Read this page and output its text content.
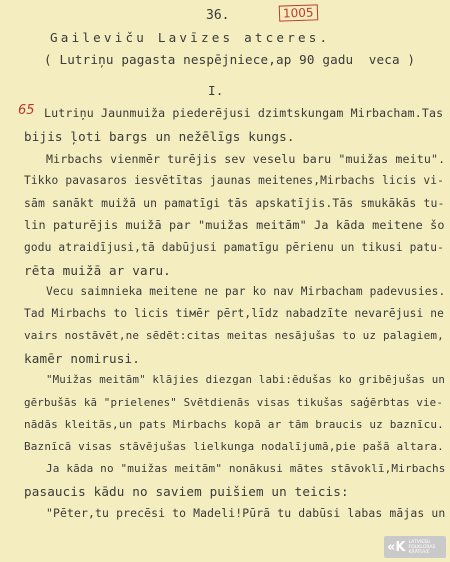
36.	1005
65
Gaileviču Lavīzes atceres.
( Lutriņu pagasta nespējniece,ap 90 gadu  veca )
I.
Lutriņu Jaunmuiža piederējusi dzimtskungam Mirbacham.Tas
bijis ļoti bargs un nežēlīgs kungs.
Mirbachs vienmēr turējis sev veselu baru "muižas meitu".
Tikko pavasaros iesvētītas jaunas meitenes,Mirbachs licis vi-
sām sanākt muižā un pamatīgi tās apskatījis.Tās smukākās tu-
lin paturējis muižā par "muižas meitām" Ja kāda meitene šo
godu atraidījusi,tā dabūjusi pamatīgu pērienu un tikusi patu-
rēta muižā ar varu.
Vecu saimnieka meitene ne par ko nav Mirbacham padevusies.
Tad Mirbachs to licis tiмēr pērt,līdz nabadzīte nevarējusi ne
vairs nostāvēt,ne sēdēt:citas meitas nesājušas to uz palagiem,
kamēr nomirusi.
"Muižas meitām" klājies diezgan labi:ēdušas ko gribējušas un
gērbušās kā "prielenes" Svētdienās visas tikušas saģērbtas vie-
nādās kleitās,un pats Mirbachs kopā ar tām braucis uz baznīcu.
Baznīcā visas stāvējušas lielkunga nodalījumā,pie pašā altara.
Ja kāda no "muižas meitām" nonākusi mātes stāvoklī,Mirbachs
pasaucis kādu no saviem puišiem un teicis:
"Pēter,tu precēsi to Madeli!Pūrā tu dabūsi labas mājas un
«K LATVIEŠU FOLKLORAS KRĀTUVE
